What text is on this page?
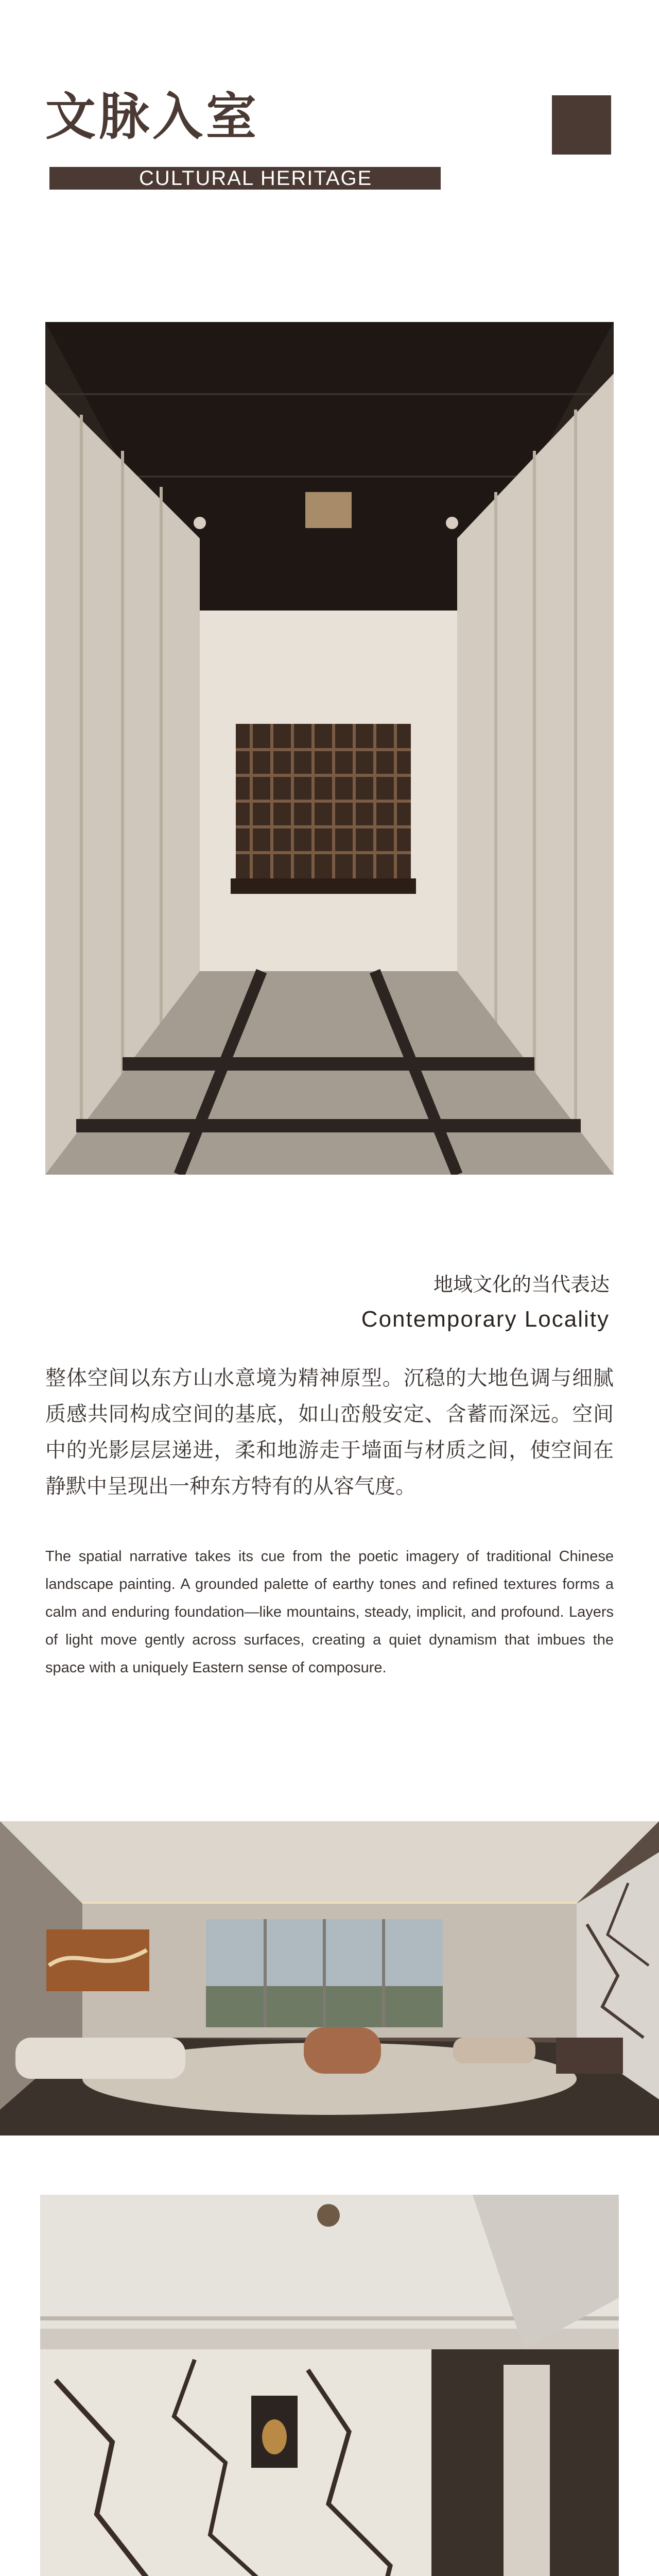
文脉入室
CULTURAL HERITAGE
地域文化的当代表达
Contemporary Locality
整体空间以东方山水意境为精神原型。沉稳的大地色调与细腻质感共同构成空间的基底，如山峦般安定、含蓄而深远。空间中的光影层层递进，柔和地游走于墙面与材质之间，使空间在静默中呈现出一种东方特有的从容气度。
The spatial narrative takes its cue from the poetic imagery of traditional Chinese landscape painting. A grounded palette of earthy tones and refined textures forms a calm and enduring foundation—like mountains, steady, implicit, and profound. Layers of light move gently across surfaces, creating a quiet dynamism that imbues the space with a uniquely Eastern sense of composure.
